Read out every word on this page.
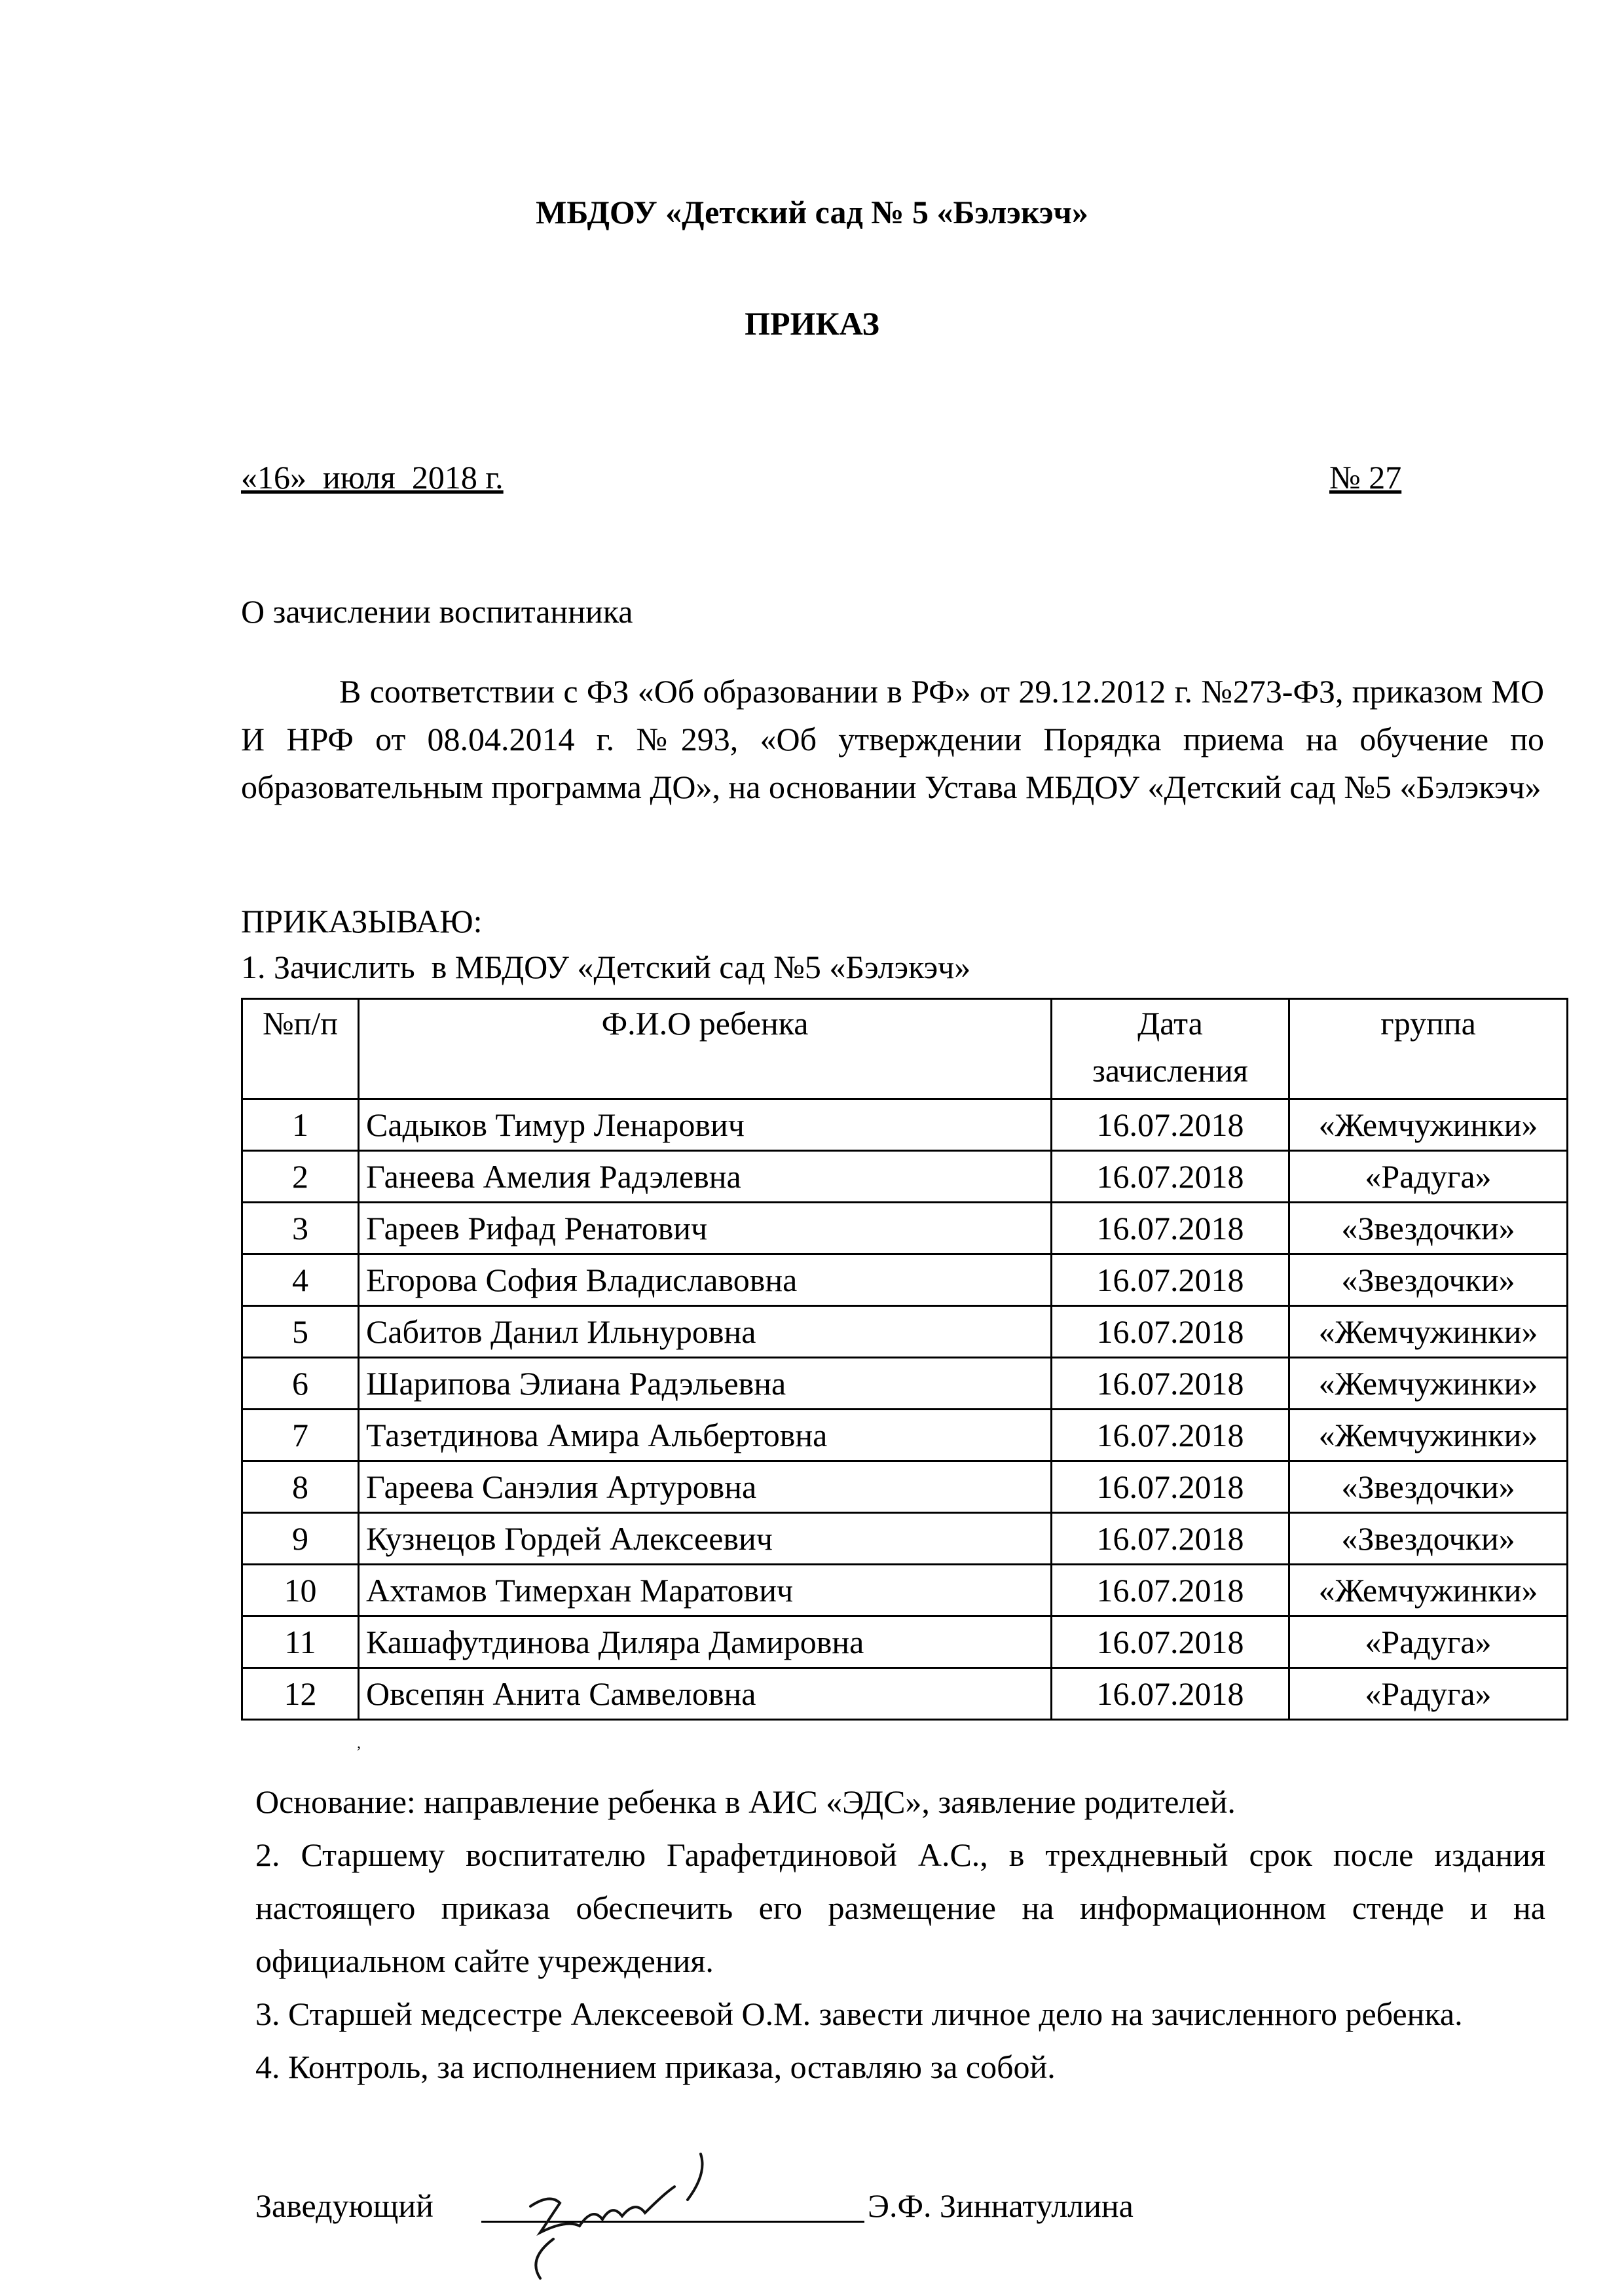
МБДОУ «Детский сад № 5 «Бэлэкэч»
ПРИКАЗ
«16»  июля  2018 г.	№ 27
О зачислении воспитанника
В соответствии с ФЗ «Об образовании в РФ» от 29.12.2012 г. №273-ФЗ, приказом МО И НРФ от 08.04.2014 г. №293, «Об утверждении Порядка приема на обучение по образовательным программа ДО», на основании Устава МБДОУ «Детский сад №5 «Бэлэкэч»
ПРИКАЗЫВАЮ:
1. Зачислить  в МБДОУ «Детский сад №5 «Бэлэкэч»
№п/п	Ф.И.О ребенка	Дата зачисления	группа
1	Садыков Тимур Ленарович	16.07.2018	«Жемчужинки»
2	Ганеева Амелия Радэлевна	16.07.2018	«Радуга»
3	Гареев Рифад Ренатович	16.07.2018	«Звездочки»
4	Егорова София Владиславовна	16.07.2018	«Звездочки»
5	Сабитов Данил Ильнуровна	16.07.2018	«Жемчужинки»
6	Шарипова Элиана Радэльевна	16.07.2018	«Жемчужинки»
7	Тазетдинова Амира Альбертовна	16.07.2018	«Жемчужинки»
8	Гареева Санэлия Артуровна	16.07.2018	«Звездочки»
9	Кузнецов Гордей Алексеевич	16.07.2018	«Звездочки»
10	Ахтамов Тимерхан Маратович	16.07.2018	«Жемчужинки»
11	Кашафутдинова Диляра Дамировна	16.07.2018	«Радуга»
12	Овсепян Анита Самвеловна	16.07.2018	«Радуга»
,
Основание: направление ребенка в АИС «ЭДС», заявление родителей.
2. Старшему воспитателю Гарафетдиновой А.С., в трехдневный срок после издания настоящего приказа обеспечить его размещение на информационном стенде и на официальном сайте учреждения.
3. Старшей медсестре Алексеевой О.М. завести личное дело на зачисленного ребенка.
4. Контроль, за исполнением приказа, оставляю за собой.
Заведующий	Э.Ф. Зиннатуллина
